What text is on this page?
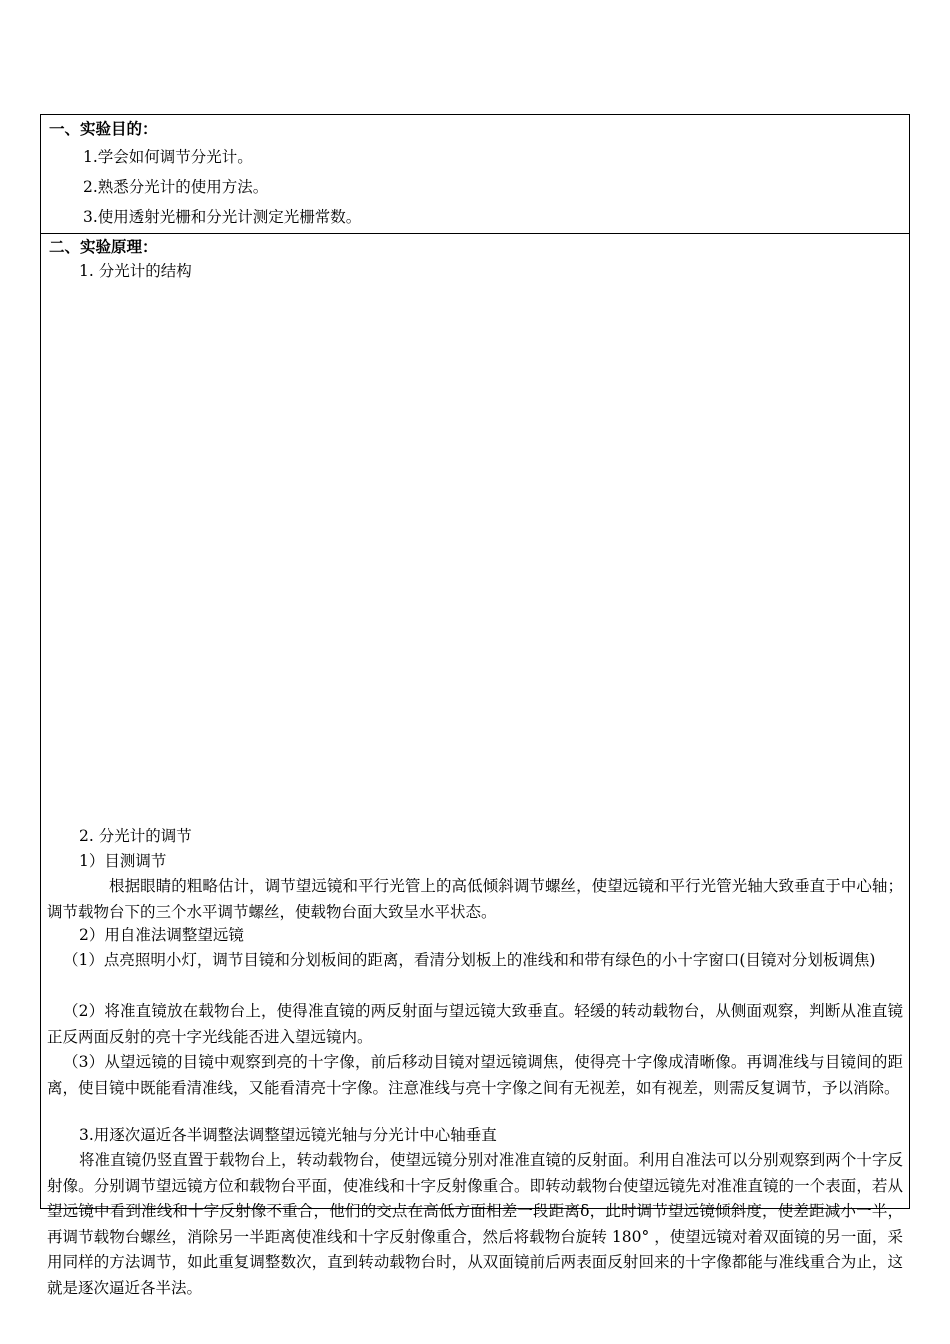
一、实验目的：
1.学会如何调节分光计。
2.熟悉分光计的使用方法。
3.使用透射光栅和分光计测定光栅常数。
二、实验原理：
1. 分光计的结构
2. 分光计的调节
1）目测调节
根据眼睛的粗略估计，调节望远镜和平行光管上的高低倾斜调节螺丝，使望远镜和平行光管光轴大致垂直于中心轴；调节载物台下的三个水平调节螺丝，使载物台面大致呈水平状态。
2）用自准法调整望远镜
（1）点亮照明小灯，调节目镜和分划板间的距离，看清分划板上的准线和和带有绿色的小十字窗口(目镜对分划板调焦)
（2）将准直镜放在载物台上，使得准直镜的两反射面与望远镜大致垂直。轻缓的转动载物台，从侧面观察，判断从准直镜正反两面反射的亮十字光线能否进入望远镜内。
（3）从望远镜的目镜中观察到亮的十字像，前后移动目镜对望远镜调焦，使得亮十字像成清晰像。再调准线与目镜间的距离，使目镜中既能看清准线，又能看清亮十字像。注意准线与亮十字像之间有无视差，如有视差，则需反复调节，予以消除。
3.用逐次逼近各半调整法调整望远镜光轴与分光计中心轴垂直
将准直镜仍竖直置于载物台上，转动载物台，使望远镜分别对准准直镜的反射面。利用自准法可以分别观察到两个十字反射像。分别调节望远镜方位和载物台平面，使准线和十字反射像重合。即转动载物台使望远镜先对准准直镜的一个表面，若从望远镜中看到准线和十字反射像不重合，他们的交点在高低方面相差一段距离δ，此时调节望远镜倾斜度，使差距减小一半，再调节载物台螺丝，消除另一半距离使准线和十字反射像重合，然后将载物台旋转 180° ，使望远镜对着双面镜的另一面，采用同样的方法调节，如此重复调整数次，直到转动载物台时，从双面镜前后两表面反射回来的十字像都能与准线重合为止，这就是逐次逼近各半法。
